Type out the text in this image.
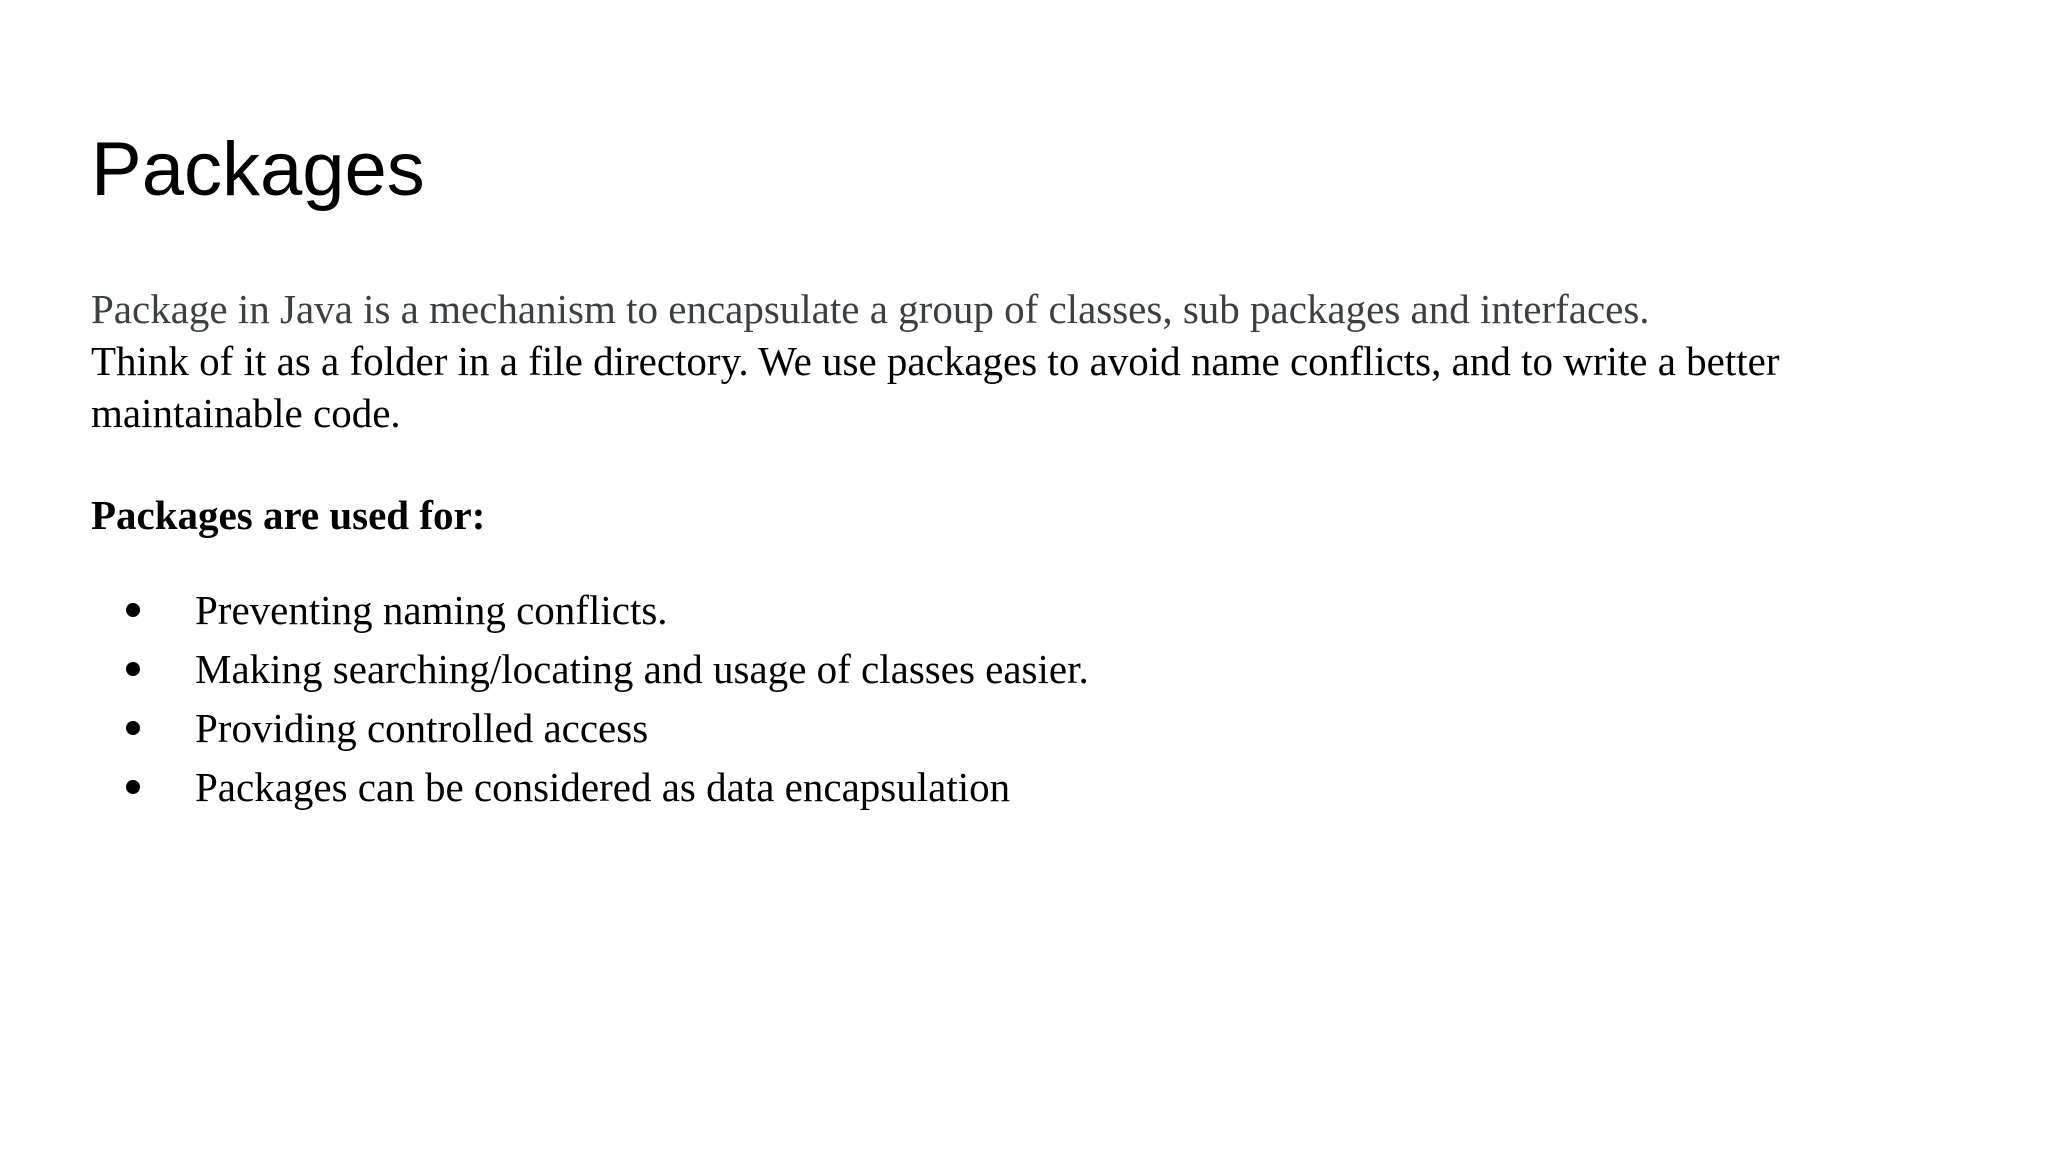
Packages

Package in Java is a mechanism to encapsulate a group of classes, sub packages and interfaces.
Think of it as a folder in a file directory. We use packages to avoid name conflicts, and to write a better maintainable code.

Packages are used for:

Preventing naming conflicts.
Making searching/locating and usage of classes easier.
Providing controlled access
Packages can be considered as data encapsulation
